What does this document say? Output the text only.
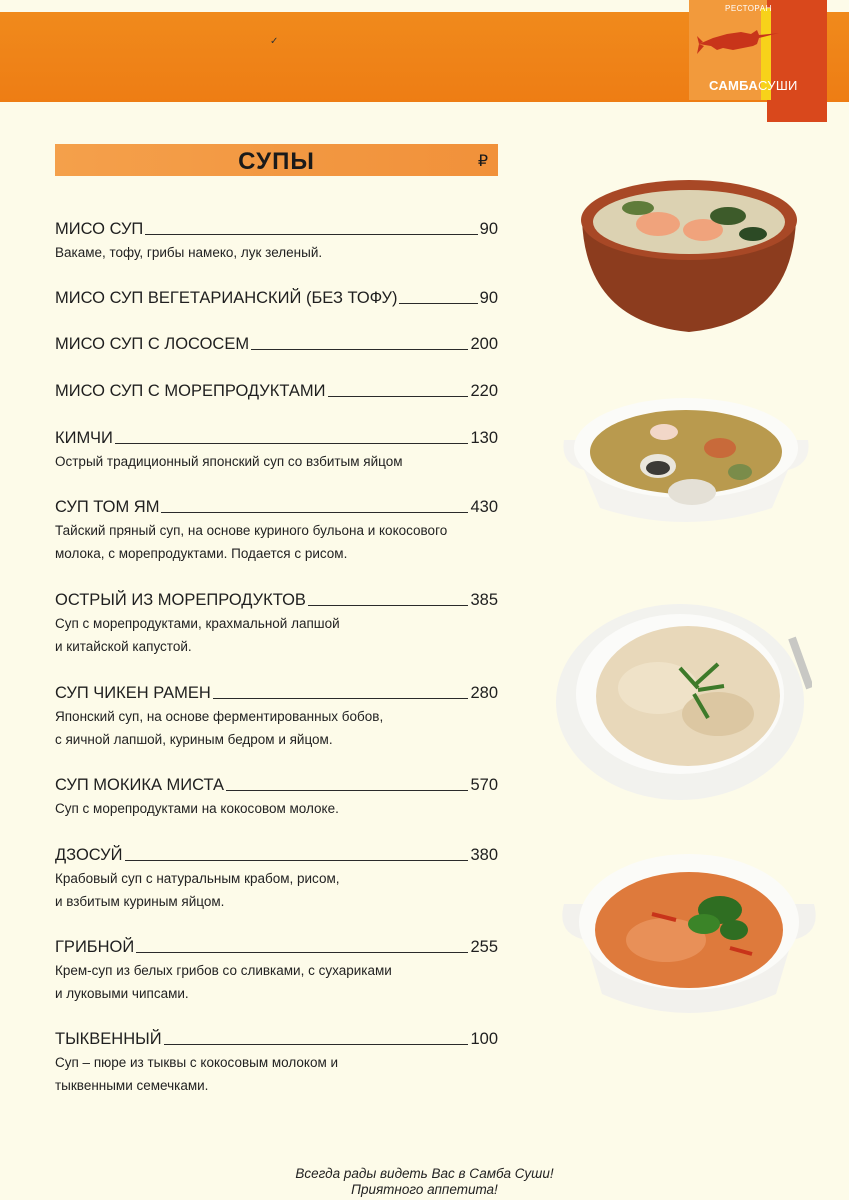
✓
РЕСТОРАН
САМБАСУШИ
СУПЫ	₽
МИСО СУП	90
Вакаме, тофу, грибы намеко, лук зеленый.
МИСО СУП ВЕГЕТАРИАНСКИЙ (БЕЗ ТОФУ)	90
МИСО СУП С ЛОСОСЕМ	200
МИСО СУП С МОРЕПРОДУКТАМИ	220
КИМЧИ	130
Острый традиционный японский суп со взбитым яйцом
СУП ТОМ ЯМ	430
Тайский пряный суп, на основе куриного бульона и кокосового
молока, с морепродуктами. Подается с рисом.
ОСТРЫЙ ИЗ МОРЕПРОДУКТОВ	385
Суп с морепродуктами, крахмальной лапшой
и китайской капустой.
СУП ЧИКЕН РАМЕН	280
Японский суп, на основе ферментированных бобов,
с яичной лапшой, куриным бедром и яйцом.
СУП МОКИКА МИСТА	570
Суп с морепродуктами на кокосовом молоке.
ДЗОСУЙ	380
Крабовый суп с натуральным крабом, рисом,
и взбитым куриным яйцом.
ГРИБНОЙ	255
Крем-суп из белых грибов со сливками, с сухариками
и луковыми чипсами.
ТЫКВЕННЫЙ	100
Суп – пюре из тыквы с кокосовым молоком и
тыквенными семечками.
Всегда рады видеть Вас в Самба Суши!
Приятного аппетита!
